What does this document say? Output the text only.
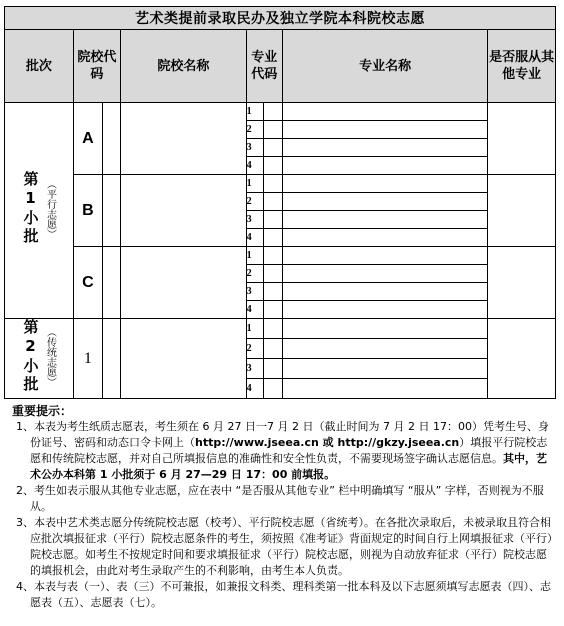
艺术类提前录取民办及独立学院本科院校志愿							
批次	院校代码		院校名称	专业代码		专业名称	是否服从其他专业

第1小批 （平行志愿）	A			1			
				2			
				3			
				4			
	B			1			
				2			
				3			
				4			
	C			1			
				2			
				3			
				4			

第2小批 （传统志愿）	1			1			
				2			
				3			
				4			
重要提示：

1、本表为考生纸质志愿表，考生须在 6 月 27 日一7 月 2 日（截止时间为 7 月 2 日 17：00）凭考生号、身份证号、密码和动态口令卡网上（http://www.jseea.cn 或 http://gkzy.jseea.cn）填报平行院校志愿和传统院校志愿，并对自己所填报信息的准确性和安全性负责，不需要现场签字确认志愿信息。其中，艺术公办本科第 1 小批须于 6 月 27—29 日 17：00 前填报。

2、考生如表示服从其他专业志愿，应在表中 “是否服从其他专业” 栏中明确填写 “服从” 字样，否则视为不服从。

3、本表中艺术类志愿分传统院校志愿（校考）、平行院校志愿（省统考）。在各批次录取后，未被录取且符合相应批次填报征求（平行）院校志愿条件的考生，须按照《准考证》背面规定的时间自行上网填报征求（平行）院校志愿。如考生不按规定时间和要求填报征求（平行）院校志愿，则视为自动放弃征求（平行）院校志愿的填报机会，由此对考生录取产生的不利影响，由考生本人负责。

4、本表与表（一）、表（三）不可兼报，如兼报文科类、理科类第一批本科及以下志愿须填写志愿表（四）、志愿表（五）、志愿表（七）。
